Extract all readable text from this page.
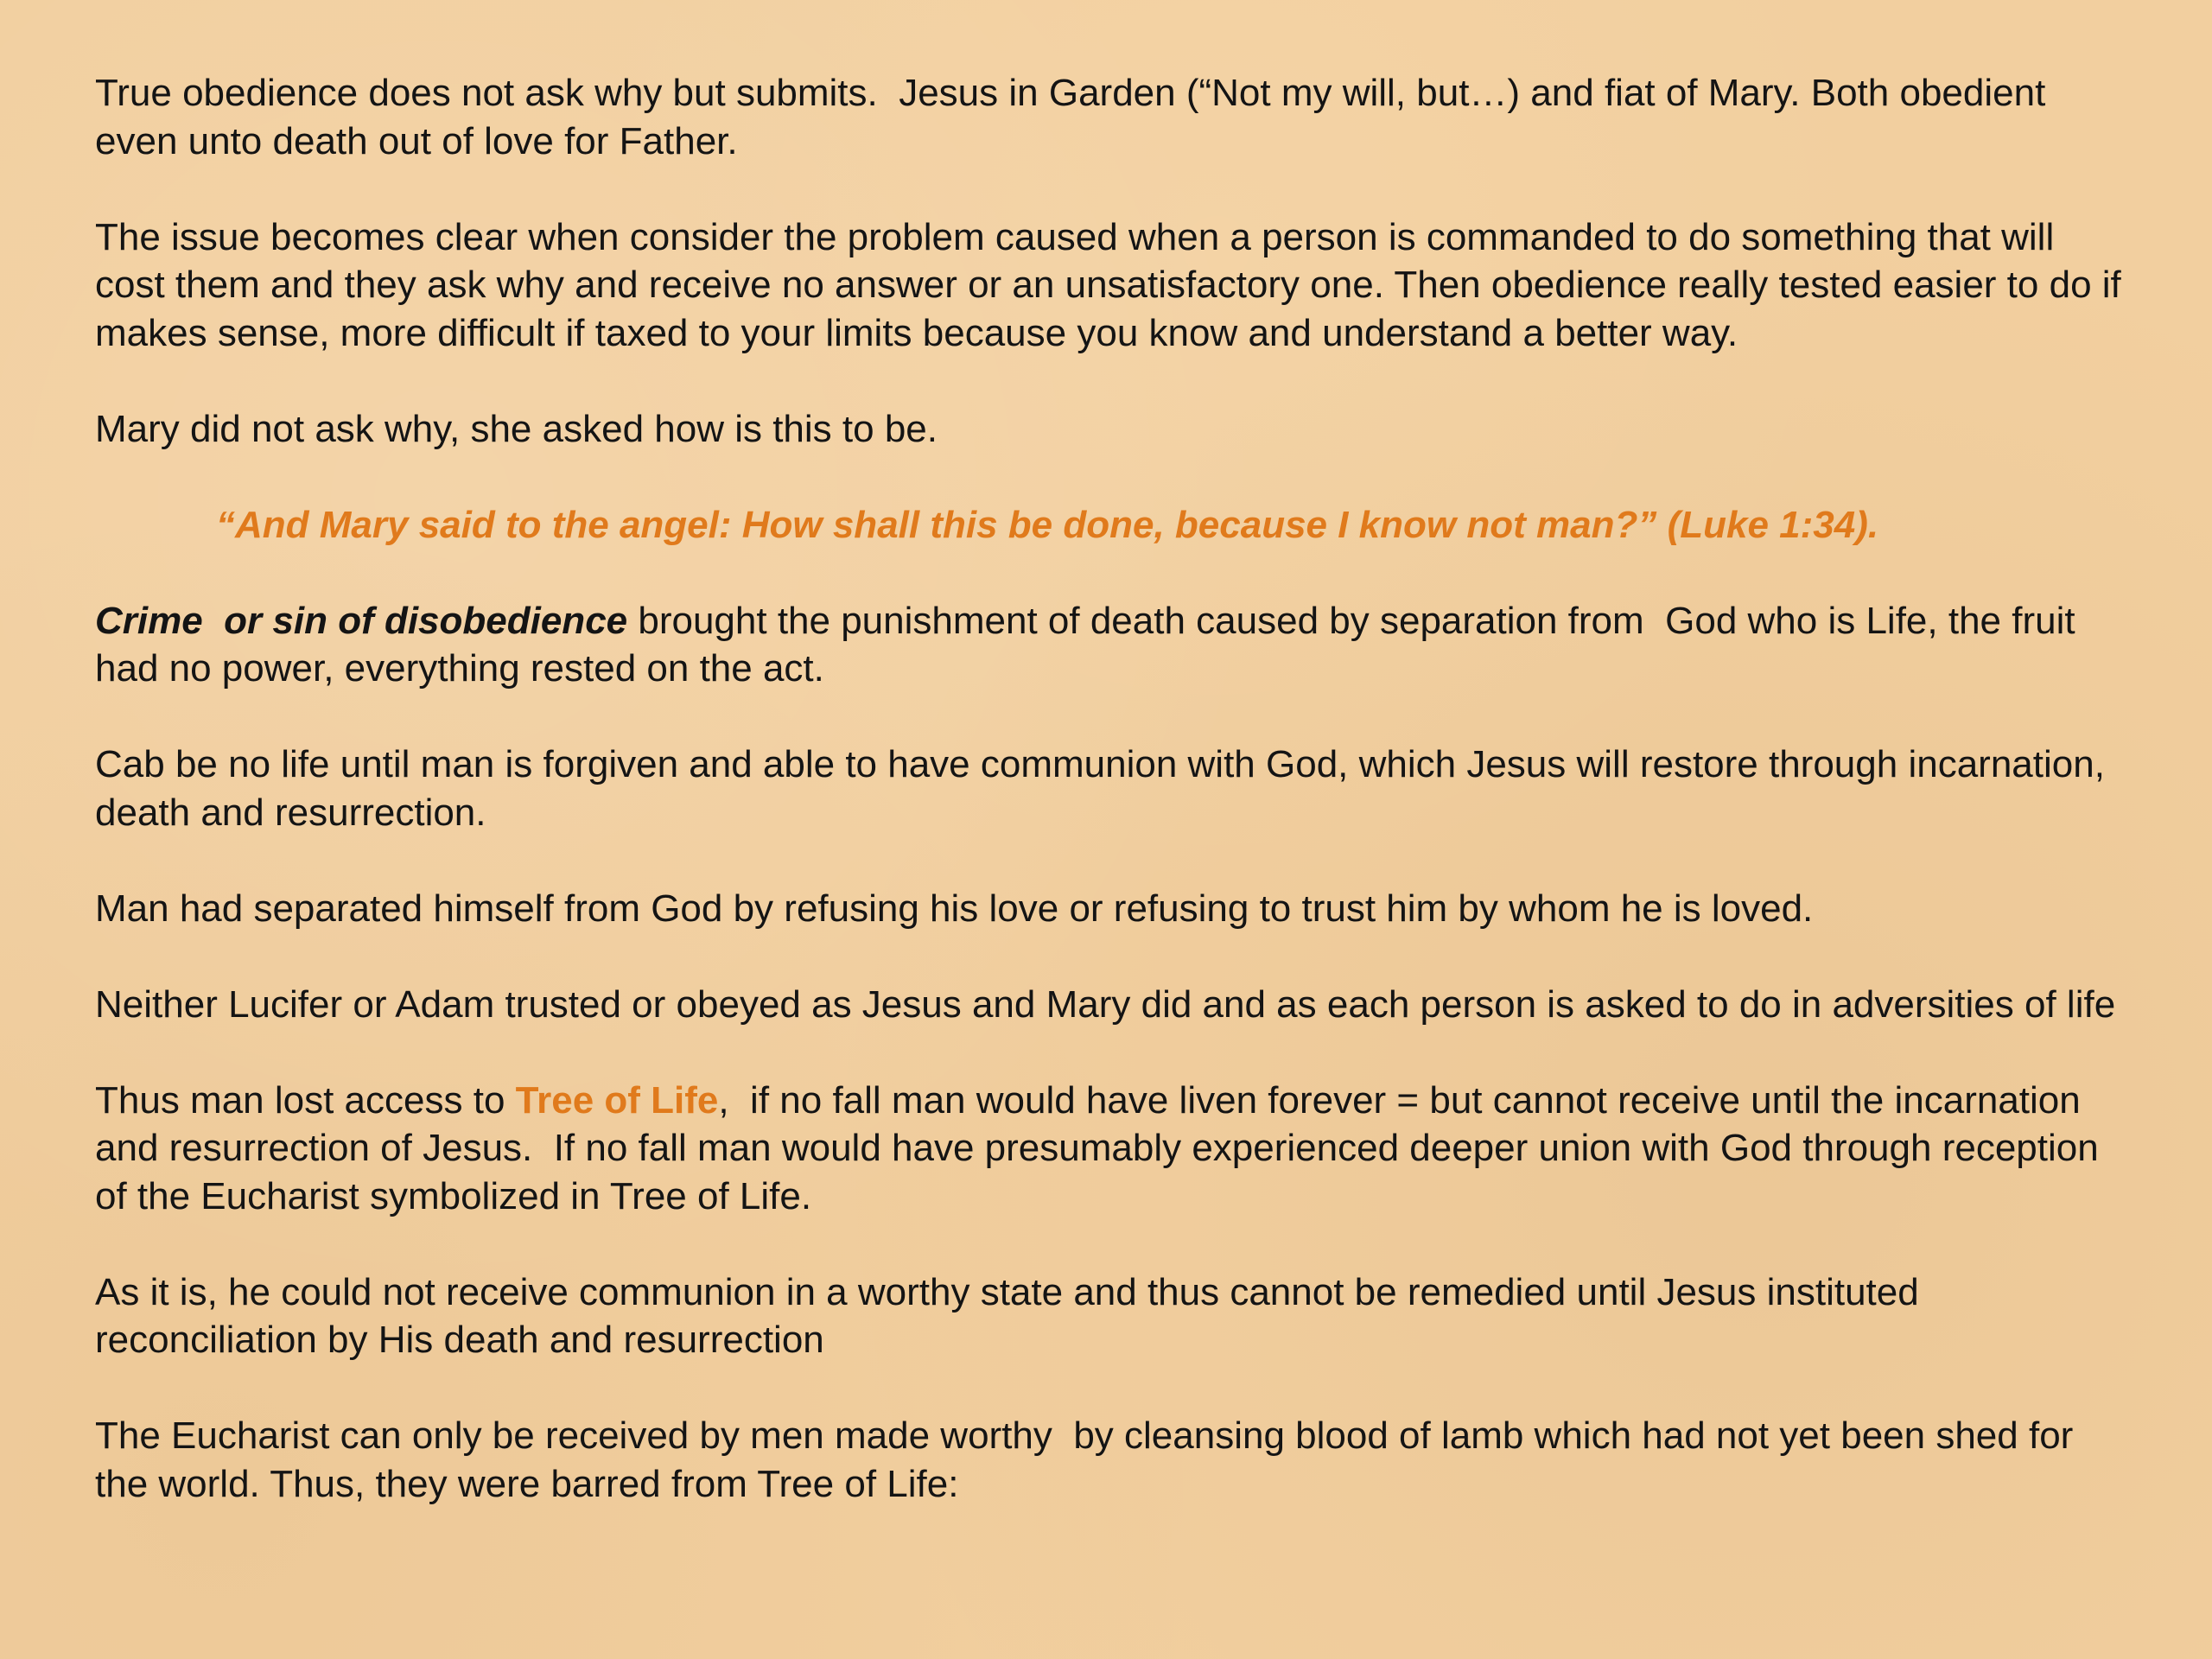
True obedience does not ask why but submits.  Jesus in Garden (“Not my will, but…) and fiat of Mary. Both obedient even unto death out of love for Father.

The issue becomes clear when consider the problem caused when a person is commanded to do something that will cost them and they ask why and receive no answer or an unsatisfactory one. Then obedience really tested easier to do if makes sense, more difficult if taxed to your limits because you know and understand a better way.

Mary did not ask why, she asked how is this to be.

“And Mary said to the angel: How shall this be done, because I know not man?” (Luke 1:34).

Crime  or sin of disobedience brought the punishment of death caused by separation from  God who is Life, the fruit had no power, everything rested on the act.

Cab be no life until man is forgiven and able to have communion with God, which Jesus will restore through incarnation, death and resurrection.

Man had separated himself from God by refusing his love or refusing to trust him by whom he is loved.

Neither Lucifer or Adam trusted or obeyed as Jesus and Mary did and as each person is asked to do in adversities of life

Thus man lost access to Tree of Life,  if no fall man would have liven forever = but cannot receive until the incarnation and resurrection of Jesus.  If no fall man would have presumably experienced deeper union with God through reception of the Eucharist symbolized in Tree of Life.

As it is, he could not receive communion in a worthy state and thus cannot be remedied until Jesus instituted reconciliation by His death and resurrection

The Eucharist can only be received by men made worthy  by cleansing blood of lamb which had not yet been shed for the world. Thus, they were barred from Tree of Life:
